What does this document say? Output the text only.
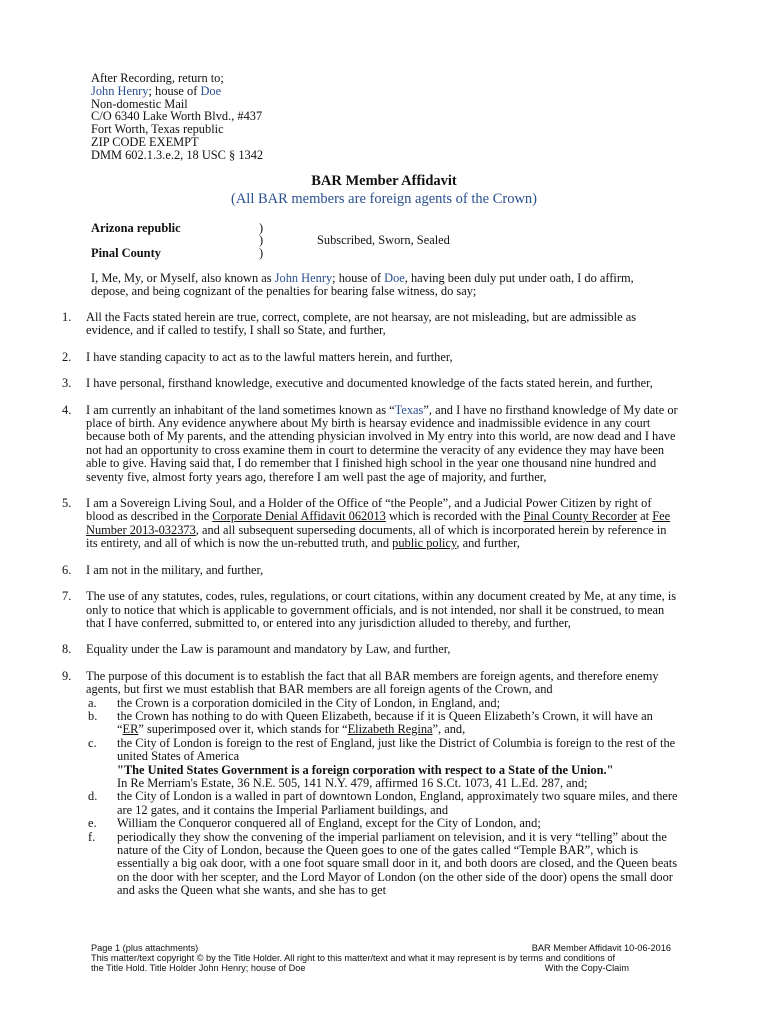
After Recording, return to;
John Henry; house of Doe
Non-domestic Mail
C/O 6340 Lake Worth Blvd., #437
Fort Worth, Texas republic
ZIP CODE EXEMPT
DMM 602.1.3.e.2, 18 USC § 1342
BAR Member Affidavit
(All BAR members are foreign agents of the Crown)
Arizona republic
Pinal County
)
)
)
Subscribed, Sworn, Sealed
I, Me, My, or Myself, also known as John Henry; house of Doe, having been duly put under oath, I do affirm, depose, and being cognizant of the penalties for bearing false witness, do say;
1. All the Facts stated herein are true, correct, complete, are not hearsay, are not misleading, but are admissible as evidence, and if called to testify, I shall so State, and further,
2. I have standing capacity to act as to the lawful matters herein, and further,
3. I have personal, firsthand knowledge, executive and documented knowledge of the facts stated herein, and further,
4. I am currently an inhabitant of the land sometimes known as “Texas”, and I have no firsthand knowledge of My date or place of birth. Any evidence anywhere about My birth is hearsay evidence and inadmissible evidence in any court because both of My parents, and the attending physician involved in My entry into this world, are now dead and I have not had an opportunity to cross examine them in court to determine the veracity of any evidence they may have been able to give. Having said that, I do remember that I finished high school in the year one thousand nine hundred and seventy five, almost forty years ago, therefore I am well past the age of majority, and further,
5. I am a Sovereign Living Soul, and a Holder of the Office of “the People”, and a Judicial Power Citizen by right of blood as described in the Corporate Denial Affidavit 062013 which is recorded with the Pinal County Recorder at Fee Number 2013-032373, and all subsequent superseding documents, all of which is incorporated herein by reference in its entirety, and all of which is now the un-rebutted truth, and public policy, and further,
6. I am not in the military, and further,
7. The use of any statutes, codes, rules, regulations, or court citations, within any document created by Me, at any time, is only to notice that which is applicable to government officials, and is not intended, nor shall it be construed, to mean that I have conferred, submitted to, or entered into any jurisdiction alluded to thereby, and further,
8. Equality under the Law is paramount and mandatory by Law, and further,
9. The purpose of this document is to establish the fact that all BAR members are foreign agents, and therefore enemy agents, but first we must establish that BAR members are all foreign agents of the Crown, and
a. the Crown is a corporation domiciled in the City of London, in England, and;
b. the Crown has nothing to do with Queen Elizabeth, because if it is Queen Elizabeth’s Crown, it will have an “ER” superimposed over it, which stands for “Elizabeth Regina”, and,
c. the City of London is foreign to the rest of England, just like the District of Columbia is foreign to the rest of the united States of America
"The United States Government is a foreign corporation with respect to a State of the Union."
In Re Merriam's Estate, 36 N.E. 505, 141 N.Y. 479, affirmed 16 S.Ct. 1073, 41 L.Ed. 287, and;
d. the City of London is a walled in part of downtown London, England, approximately two square miles, and there are 12 gates, and it contains the Imperial Parliament buildings, and
e. William the Conqueror conquered all of England, except for the City of London, and;
f. periodically they show the convening of the imperial parliament on television, and it is very “telling” about the nature of the City of London, because the Queen goes to one of the gates called “Temple BAR”, which is essentially a big oak door, with a one foot square small door in it, and both doors are closed, and the Queen beats on the door with her scepter, and the Lord Mayor of London (on the other side of the door) opens the small door and asks the Queen what she wants, and she has to get
Page 1 (plus attachments)	BAR Member Affidavit 10-06-2016
This matter/text copyright © by the Title Holder. All right to this matter/text and what it may represent is by terms and conditions of
the Title Hold. Title Holder John Henry; house of Doe	With the Copy-Claim
